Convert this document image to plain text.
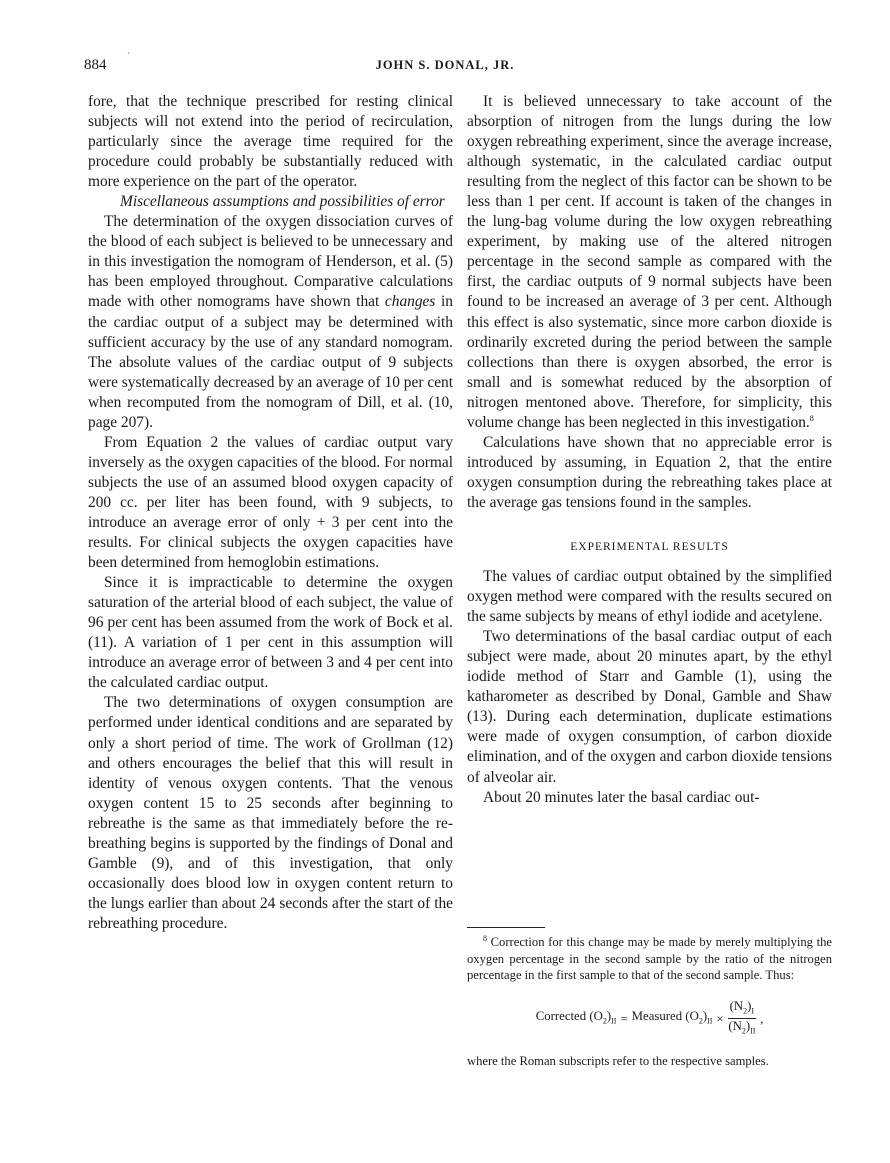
884 `
JOHN S. DONAL, JR.

fore, that the technique prescribed for resting clinical subjects will not extend into the period of recirculation, particularly since the average time required for the procedure could probably be substantially reduced with more experience on the part of the operator.

Miscellaneous assumptions and possibilities of error

The determination of the oxygen dissociation curves of the blood of each subject is believed to be unnecessary and in this investigation the nomogram of Henderson, et al. (5) has been employed throughout. Comparative calculations made with other nomograms have shown that changes in the cardiac output of a subject may be determined with sufficient accuracy by the use of any standard nomogram. The absolute values of the cardiac output of 9 subjects were systematically decreased by an average of 10 per cent when recomputed from the nomogram of Dill, et al. (10, page 207).

From Equation 2 the values of cardiac output vary inversely as the oxygen capacities of the blood. For normal subjects the use of an assumed blood oxygen capacity of 200 cc. per liter has been found, with 9 subjects, to introduce an average error of only + 3 per cent into the results. For clinical subjects the oxygen capacities have been determined from hemoglobin estimations.

Since it is impracticable to determine the oxygen saturation of the arterial blood of each subject, the value of 96 per cent has been assumed from the work of Bock et al. (11). A variation of 1 per cent in this assumption will introduce an average error of between 3 and 4 per cent into the calculated cardiac output.

The two determinations of oxygen consumption are performed under identical conditions and are separated by only a short period of time. The work of Grollman (12) and others encourages the belief that this will result in identity of venous oxygen contents. That the venous oxygen content 15 to 25 seconds after beginning to rebreathe is the same as that immediately before the rebreathing begins is supported by the findings of Donal and Gamble (9), and of this investigation, that only occasionally does blood low in oxygen content return to the lungs earlier than about 24 seconds after the start of the rebreathing procedure.

It is believed unnecessary to take account of the absorption of nitrogen from the lungs during the low oxygen rebreathing experiment, since the average increase, although systematic, in the calculated cardiac output resulting from the neglect of this factor can be shown to be less than 1 per cent. If account is taken of the changes in the lung-bag volume during the low oxygen rebreathing experiment, by making use of the altered nitrogen percentage in the second sample as compared with the first, the cardiac outputs of 9 normal subjects have been found to be increased an average of 3 per cent. Although this effect is also systematic, since more carbon dioxide is ordinarily excreted during the period between the sample collections than there is oxygen absorbed, the error is small and is somewhat reduced by the absorption of nitrogen mentoned above. Therefore, for simplicity, this volume change has been neglected in this investigation.$^8$

Calculations have shown that no appreciable error is introduced by assuming, in Equation 2, that the entire oxygen consumption during the rebreathing takes place at the average gas tensions found in the samples.

EXPERIMENTAL RESULTS

The values of cardiac output obtained by the simplified oxygen method were compared with the results secured on the same subjects by means of ethyl iodide and acetylene.

Two determinations of the basal cardiac output of each subject were made, about 20 minutes apart, by the ethyl iodide method of Starr and Gamble (1), using the katharometer as described by Donal, Gamble and Shaw (13). During each determination, duplicate estimations were made of oxygen consumption, of carbon dioxide elimination, and of the oxygen and carbon dioxide tensions of alveolar air.

About 20 minutes later the basal cardiac out-

$^8$ Correction for this change may be made by merely multiplying the oxygen percentage in the second sample by the ratio of the nitrogen percentage in the first sample to that of the second sample. Thus:

Corrected $(O_2)_{II}$ = Measured $(O_2)_{II} \times \frac{(N_2)_I}{(N_2)_{II}}$ ,

where the Roman subscripts refer to the respective samples.
